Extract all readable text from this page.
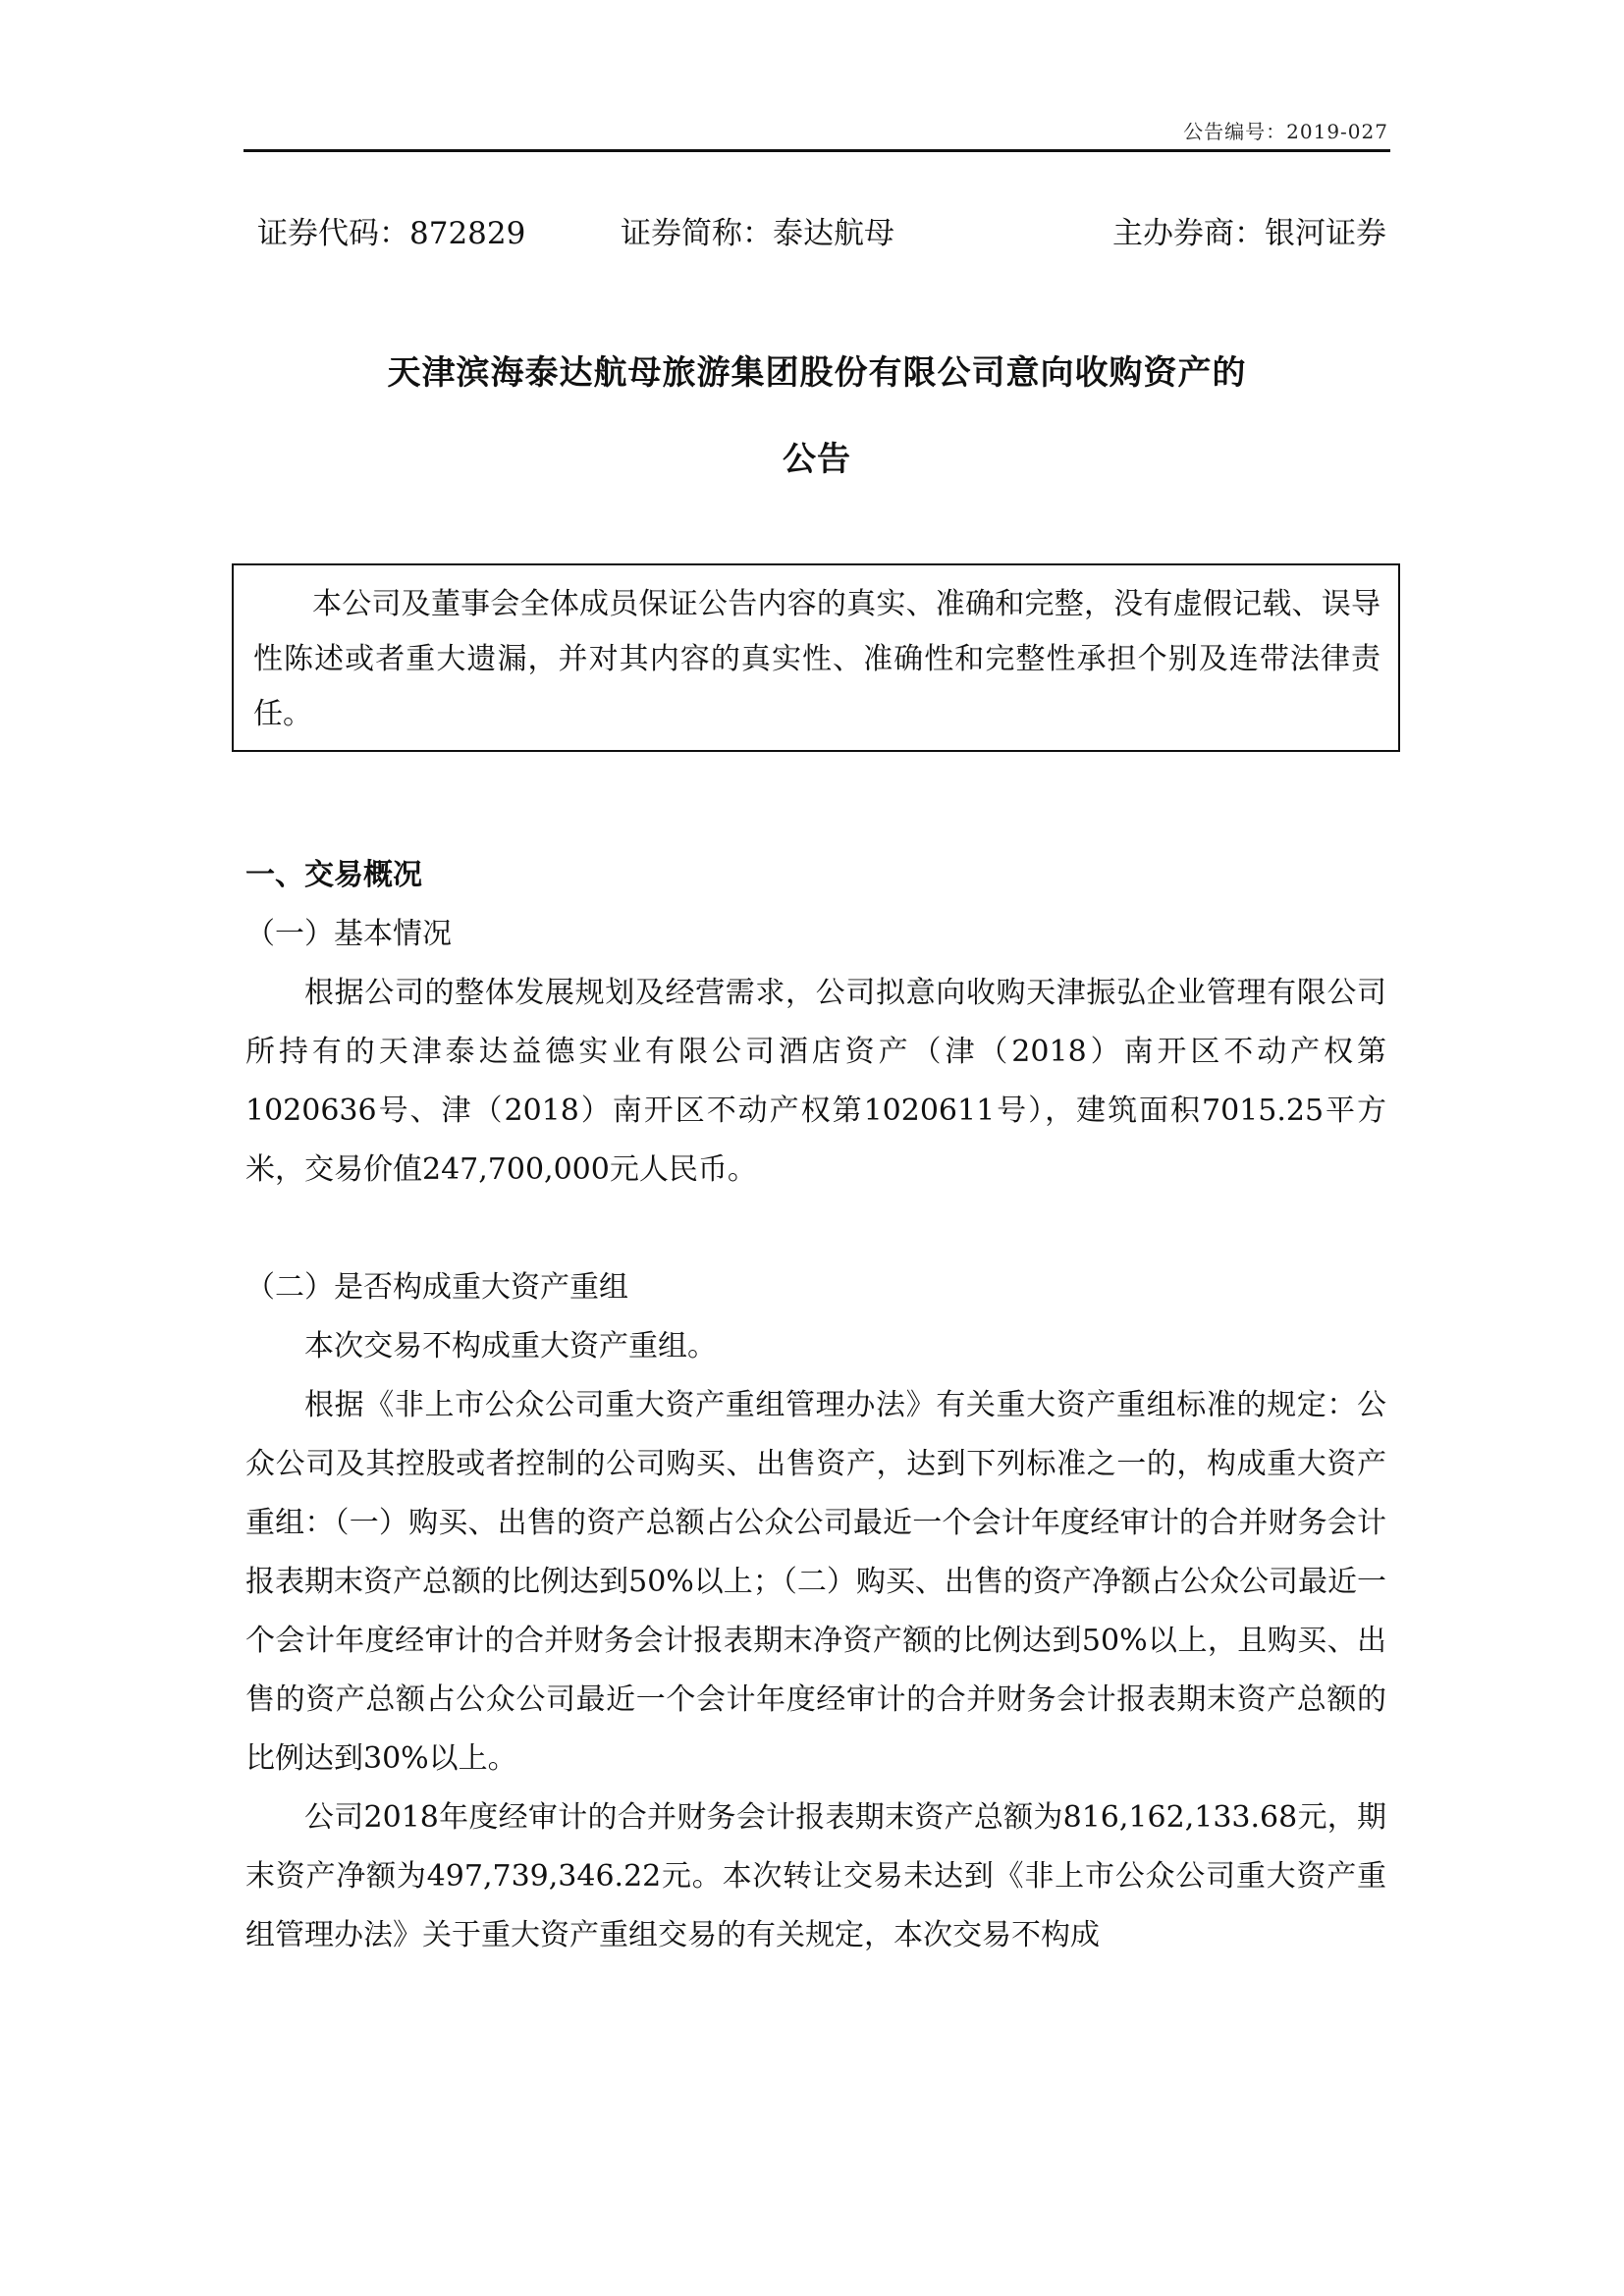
公告编号：2019-027
证券代码：872829	证券简称：泰达航母	主办券商：银河证券
天津滨海泰达航母旅游集团股份有限公司意向收购资产的
公告

本公司及董事会全体成员保证公告内容的真实、准确和完整，没有虚假记载、误导性陈述或者重大遗漏，并对其内容的真实性、准确性和完整性承担个别及连带法律责任。

一、交易概况

（一）基本情况

根据公司的整体发展规划及经营需求，公司拟意向收购天津振弘企业管理有限公司所持有的天津泰达益德实业有限公司酒店资产（津（2018）南开区不动产权第1020636号、津（2018）南开区不动产权第1020611号），建筑面积7015.25平方米，交易价值247,700,000元人民币。

（二）是否构成重大资产重组

本次交易不构成重大资产重组。

根据《非上市公众公司重大资产重组管理办法》有关重大资产重组标准的规定：公众公司及其控股或者控制的公司购买、出售资产，达到下列标准之一的，构成重大资产重组：（一）购买、出售的资产总额占公众公司最近一个会计年度经审计的合并财务会计报表期末资产总额的比例达到50%以上；（二）购买、出售的资产净额占公众公司最近一个会计年度经审计的合并财务会计报表期末净资产额的比例达到50%以上，且购买、出售的资产总额占公众公司最近一个会计年度经审计的合并财务会计报表期末资产总额的比例达到30%以上。

公司2018年度经审计的合并财务会计报表期末资产总额为816,162,133.68元，期末资产净额为497,739,346.22元。本次转让交易未达到《非上市公众公司重大资产重组管理办法》关于重大资产重组交易的有关规定，本次交易不构成
